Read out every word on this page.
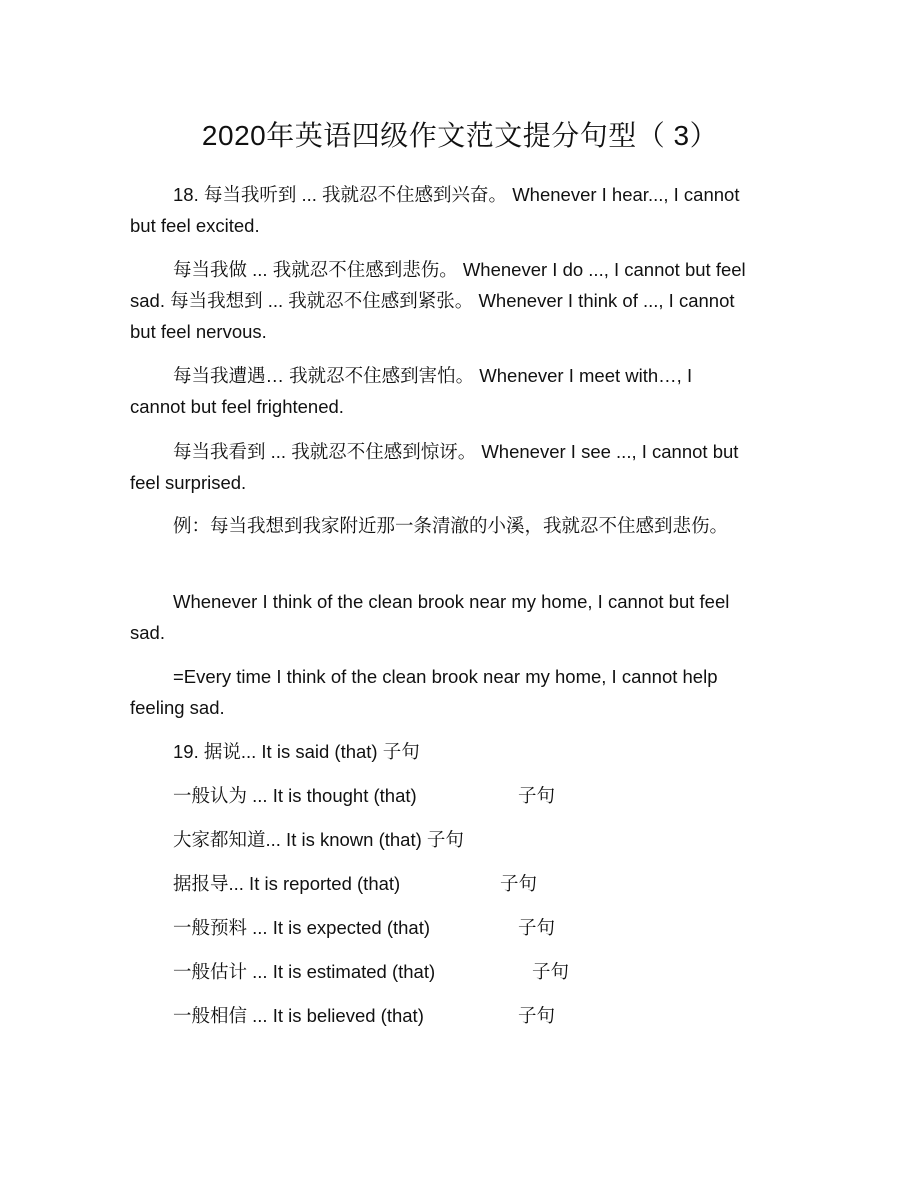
2020年英语四级作文范文提分句型（ 3）

18. 每当我听到 ... 我就忍不住感到兴奋。 Whenever I hear..., I cannot but feel excited.

每当我做 ... 我就忍不住感到悲伤。 Whenever I do ..., I cannot but feel sad. 每当我想到 ... 我就忍不住感到紧张。 Whenever I think of ..., I cannot but feel nervous.

每当我遭遇… 我就忍不住感到害怕。 Whenever I meet with…, I cannot but feel frightened.

每当我看到 ... 我就忍不住感到惊讶。 Whenever I see ..., I cannot but feel surprised.

例：每当我想到我家附近那一条清澈的小溪，我就忍不住感到悲伤。

Whenever I think of the clean brook near my home, I cannot but feel sad.

=Every time I think of the clean brook near my home, I cannot help feeling sad.

19. 据说... It is said (that) 子句
一般认为 ... It is thought (that)	子句
大家都知道... It is known (that) 子句
据报导... It is reported (that)	子句
一般预料 ... It is expected (that)	子句
一般估计 ... It is estimated (that)	子句
一般相信 ... It is believed (that)	子句
